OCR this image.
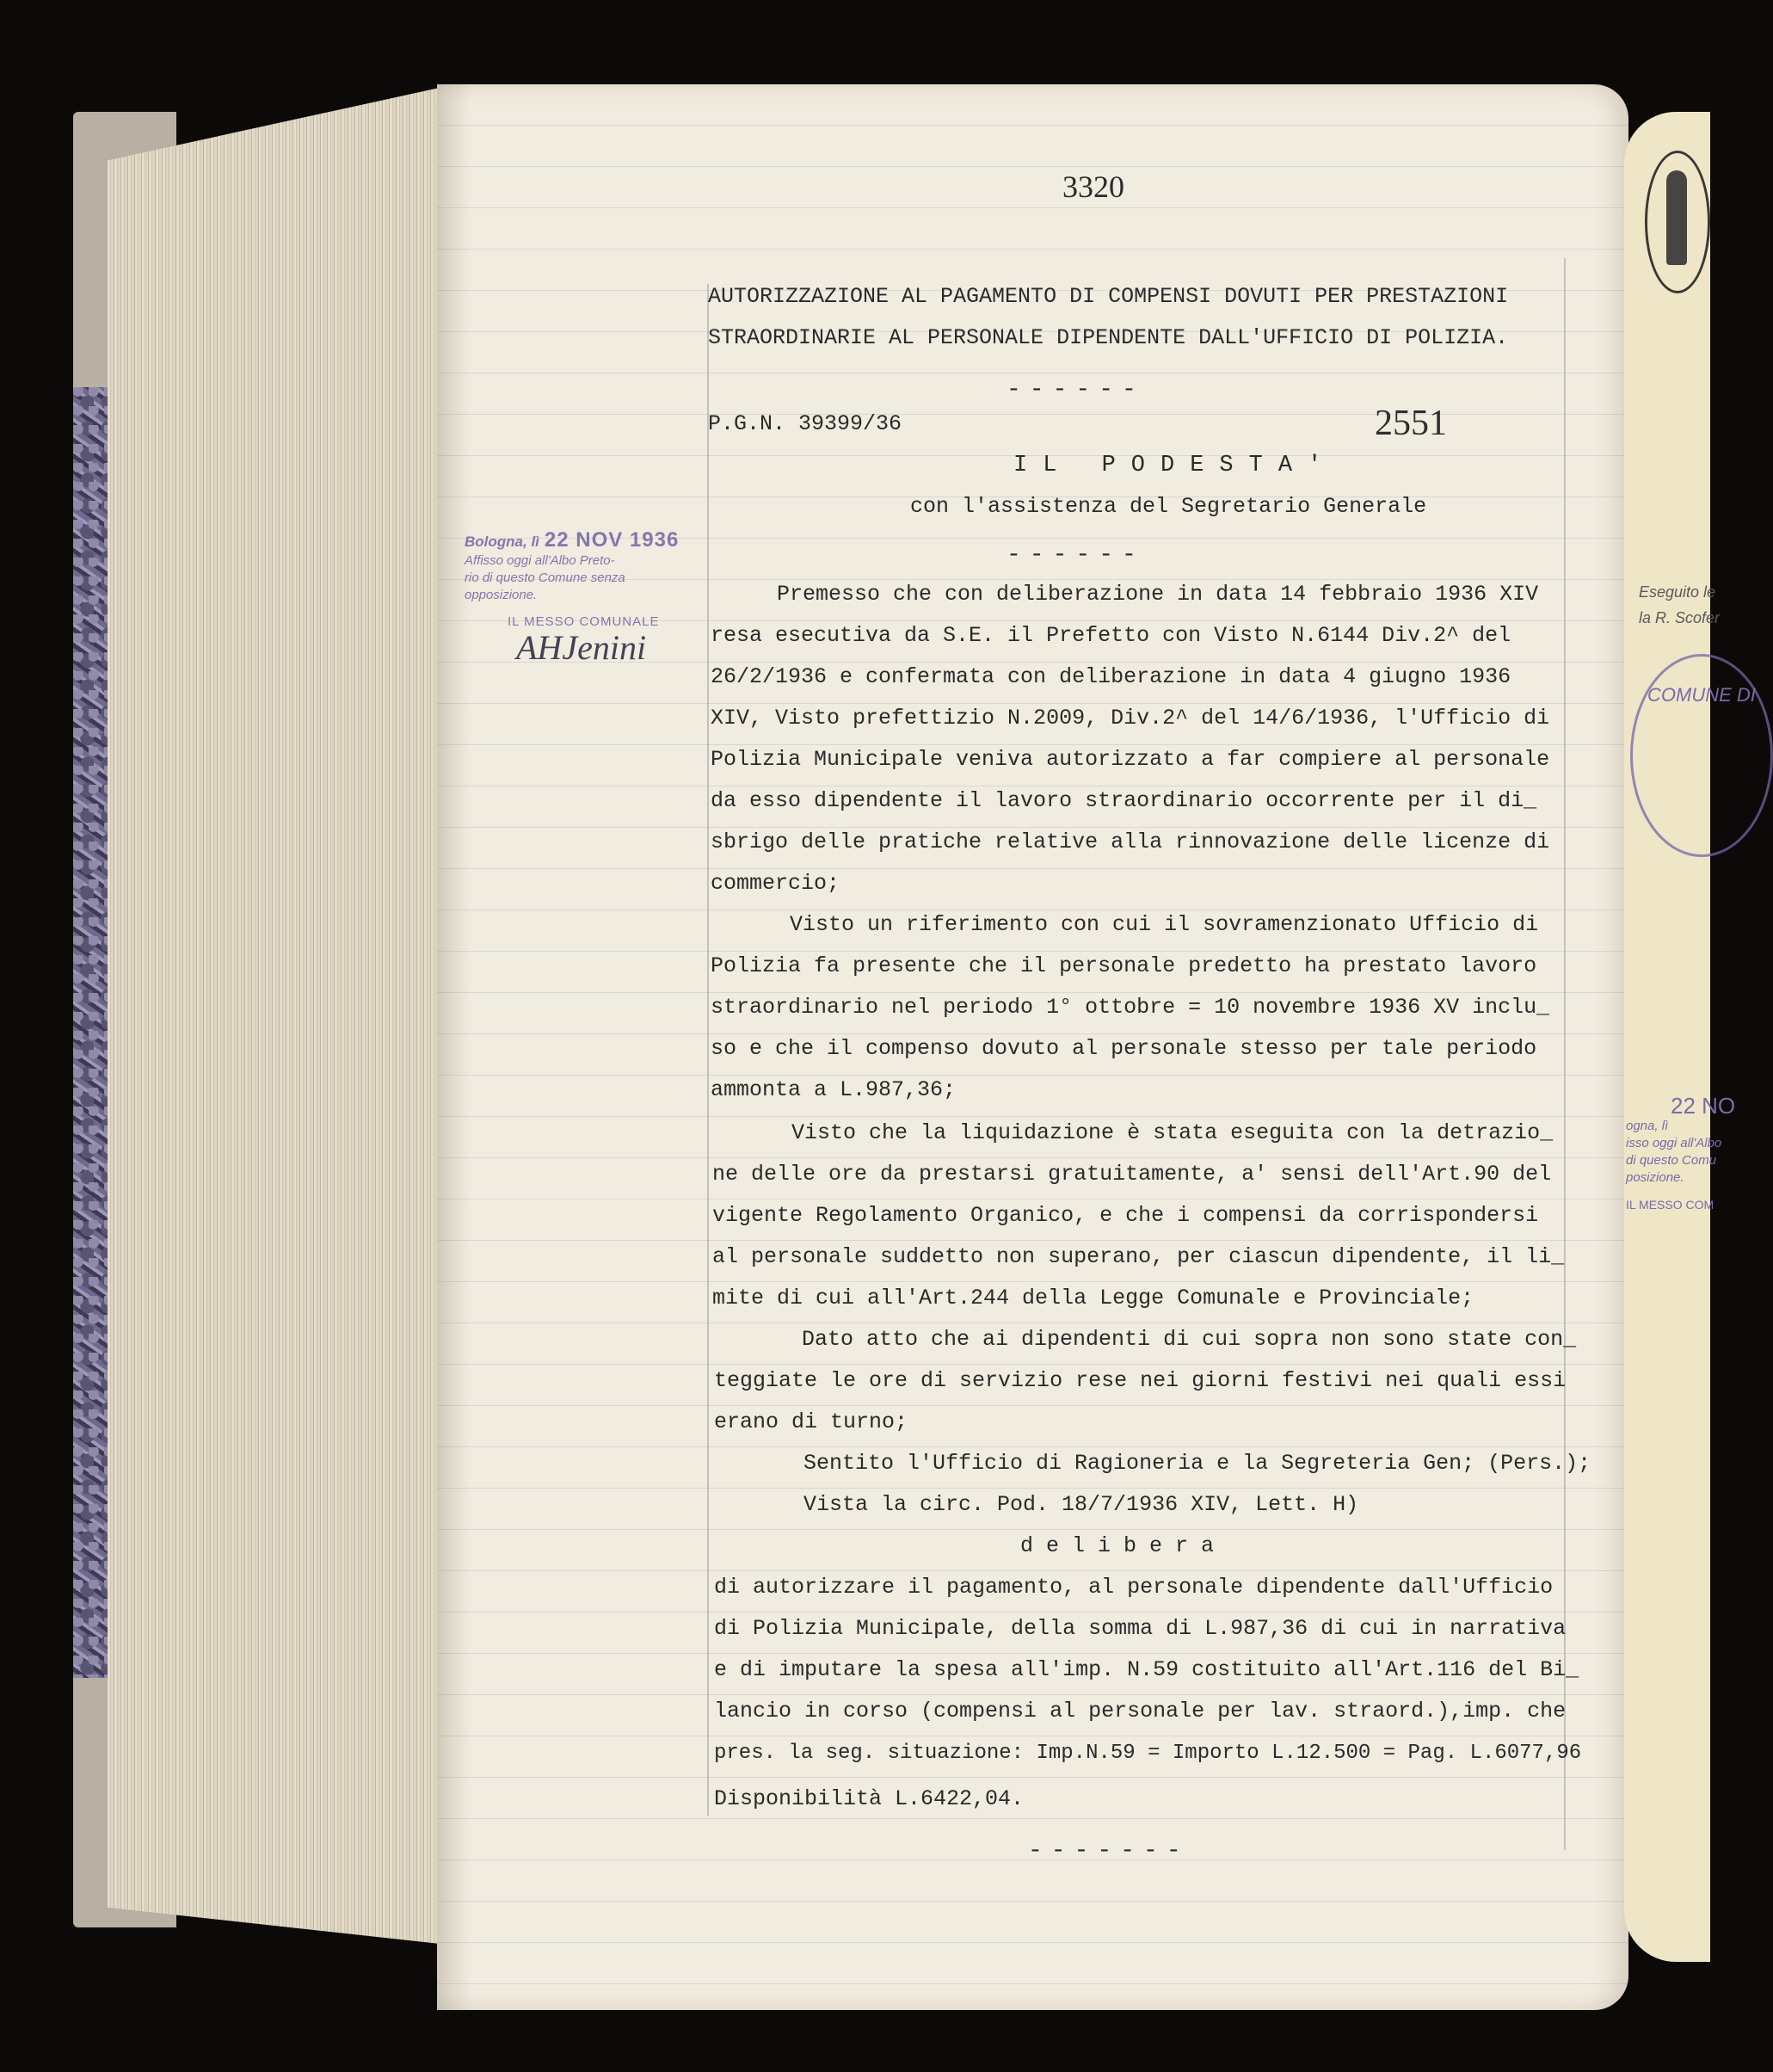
Eseguito le
la R. Scofer
COMUNE DI
22 NO
ogna, lì
isso oggi all'Albo
di questo Comu
posizione.
IL MESSO COM
3320
AUTORIZZAZIONE AL PAGAMENTO DI COMPENSI DOVUTI PER PRESTAZIONI
STRAORDINARIE AL PERSONALE DIPENDENTE DALL'UFFICIO DI POLIZIA.
------
P.G.N. 39399/36	2551
IL PODESTA'
con l'assistenza del Segretario Generale
------
Premesso che con deliberazione in data 14 febbraio 1936 XIV
resa esecutiva da S.E. il Prefetto con Visto N.6144 Div.2^ del
26/2/1936 e confermata con deliberazione in data 4 giugno 1936
XIV, Visto prefettizio N.2009, Div.2^ del 14/6/1936, l'Ufficio di
Polizia Municipale veniva autorizzato a far compiere al personale
da esso dipendente il lavoro straordinario occorrente per il di_
sbrigo delle pratiche relative alla rinnovazione delle licenze di
commercio;
Visto un riferimento con cui il sovramenzionato Ufficio di
Polizia fa presente che il personale predetto ha prestato lavoro
straordinario nel periodo 1° ottobre = 10 novembre 1936 XV inclu_
so e che il compenso dovuto al personale stesso per tale periodo
ammonta a L.987,36;
Visto che la liquidazione è stata eseguita con la detrazio_
ne delle ore da prestarsi gratuitamente, a' sensi dell'Art.90 del
vigente Regolamento Organico, e che i compensi da corrispondersi
al personale suddetto non superano, per ciascun dipendente, il li_
mite di cui all'Art.244 della Legge Comunale e Provinciale;
Dato atto che ai dipendenti di cui sopra non sono state con_
teggiate le ore di servizio rese nei giorni festivi nei quali essi
erano di turno;
Sentito l'Ufficio di Ragioneria e la Segreteria Gen; (Pers.);
Vista la circ. Pod. 18/7/1936 XIV, Lett. H)
d e l i b e r a
di autorizzare il pagamento, al personale dipendente dall'Ufficio
di Polizia Municipale, della somma di L.987,36 di cui in narrativa
e di imputare la spesa all'imp. N.59 costituito all'Art.116 del Bi_
lancio in corso (compensi al personale per lav. straord.),imp. che
pres. la seg. situazione: Imp.N.59 = Importo L.12.500 = Pag. L.6077,96
Disponibilità L.6422,04.
-------
Bologna, lì 22 NOV 1936
Affisso oggi all'Albo Preto-
rio di questo Comune senza
opposizione.
IL MESSO COMUNALE
AHJenini
